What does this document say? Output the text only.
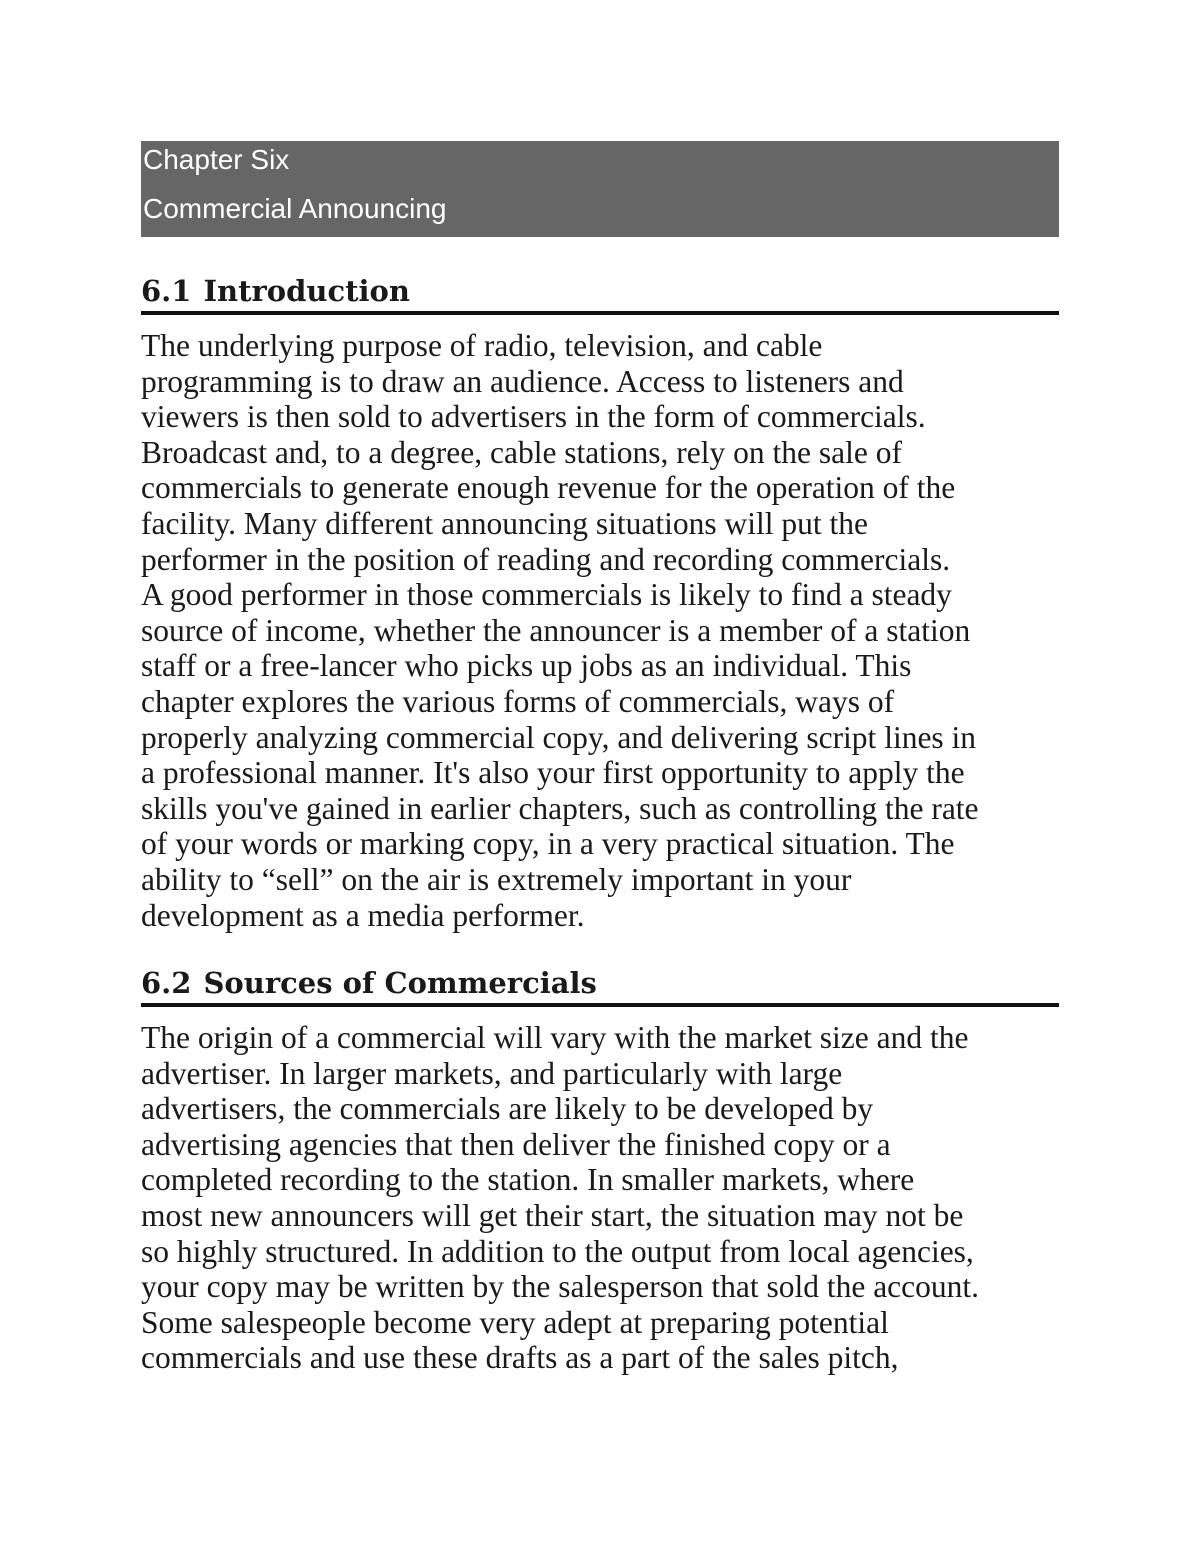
Chapter Six
Commercial Announcing
6.1 Introduction
The underlying purpose of radio, television, and cable
programming is to draw an audience. Access to listeners and
viewers is then sold to advertisers in the form of commercials.
Broadcast and, to a degree, cable stations, rely on the sale of
commercials to generate enough revenue for the operation of the
facility. Many different announcing situations will put the
performer in the position of reading and recording commercials.
A good performer in those commercials is likely to find a steady
source of income, whether the announcer is a member of a station
staff or a free-lancer who picks up jobs as an individual. This
chapter explores the various forms of commercials, ways of
properly analyzing commercial copy, and delivering script lines in
a professional manner. It's also your first opportunity to apply the
skills you've gained in earlier chapters, such as controlling the rate
of your words or marking copy, in a very practical situation. The
ability to “sell” on the air is extremely important in your
development as a media performer.
6.2 Sources of Commercials
The origin of a commercial will vary with the market size and the
advertiser. In larger markets, and particularly with large
advertisers, the commercials are likely to be developed by
advertising agencies that then deliver the finished copy or a
completed recording to the station. In smaller markets, where
most new announcers will get their start, the situation may not be
so highly structured. In addition to the output from local agencies,
your copy may be written by the salesperson that sold the account.
Some salespeople become very adept at preparing potential
commercials and use these drafts as a part of the sales pitch,
